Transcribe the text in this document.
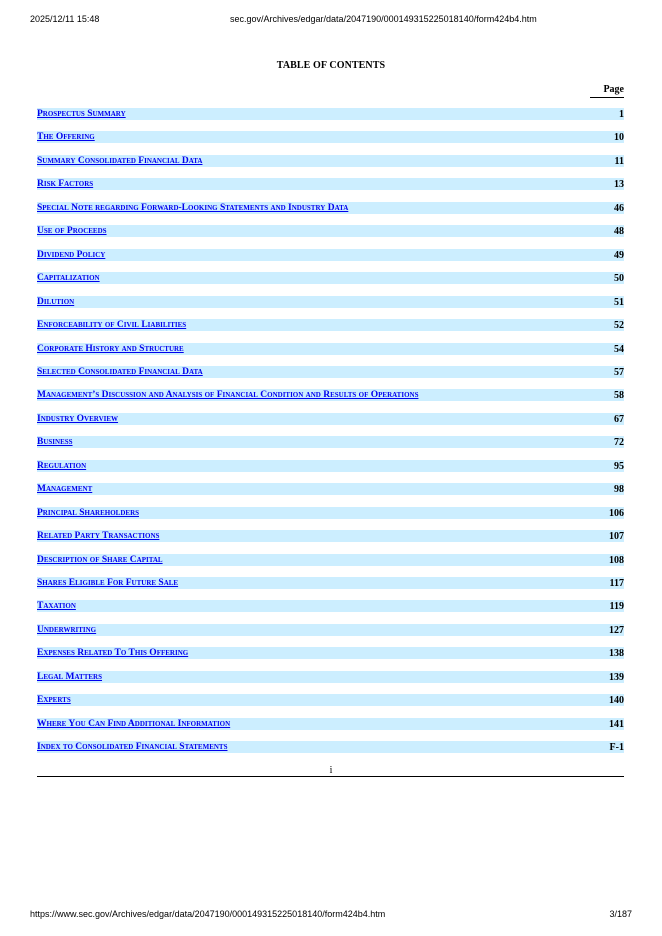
2025/12/11 15:48	sec.gov/Archives/edgar/data/2047190/000149315225018140/form424b4.htm
TABLE OF CONTENTS
Page
Prospectus Summary	1
The Offering	10
Summary Consolidated Financial Data	11
Risk Factors	13
Special Note regarding Forward-Looking Statements and Industry Data	46
Use of Proceeds	48
Dividend Policy	49
Capitalization	50
Dilution	51
Enforceability of Civil Liabilities	52
Corporate History and Structure	54
Selected Consolidated Financial Data	57
Management’s Discussion and Analysis of Financial Condition and Results of Operations	58
Industry Overview	67
Business	72
Regulation	95
Management	98
Principal Shareholders	106
Related Party Transactions	107
Description of Share Capital	108
Shares Eligible For Future Sale	117
Taxation	119
Underwriting	127
Expenses Related To This Offering	138
Legal Matters	139
Experts	140
Where You Can Find Additional Information	141
Index to Consolidated Financial Statements	F-1
i
https://www.sec.gov/Archives/edgar/data/2047190/000149315225018140/form424b4.htm	3/187
